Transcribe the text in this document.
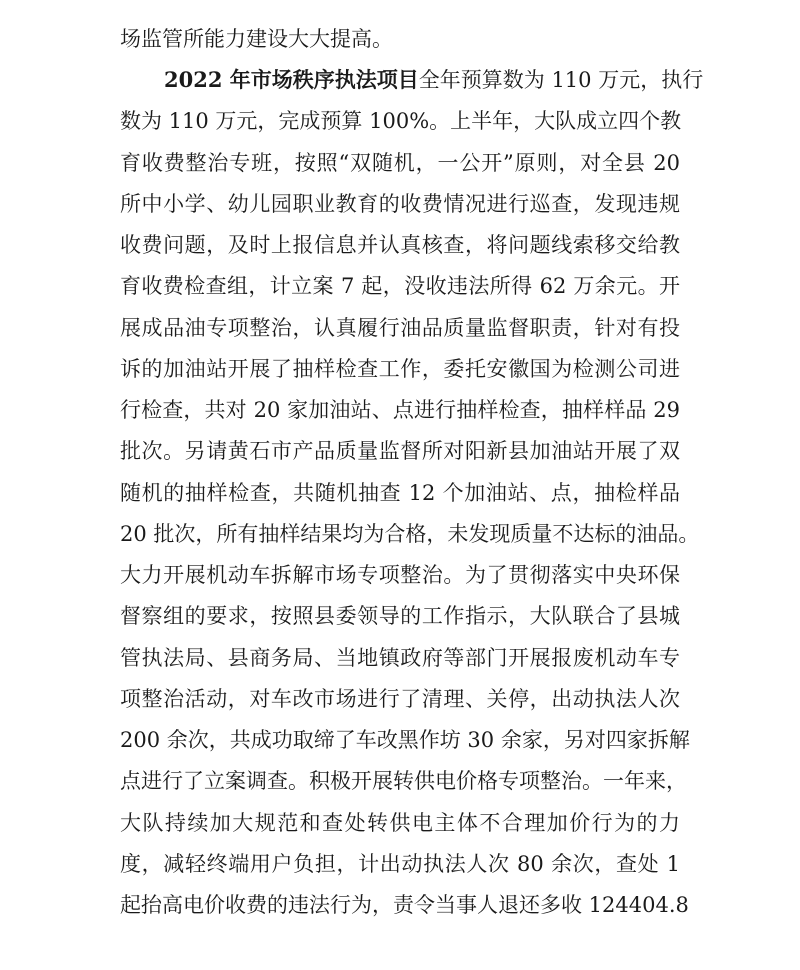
场监管所能力建设大大提高。
2022 年市场秩序执法项目全年预算数为 110 万元，执行
数为 110 万元，完成预算 100%。上半年，大队成立四个教
育收费整治专班，按照“双随机，一公开”原则，对全县 20
所中小学、幼儿园职业教育的收费情况进行巡查，发现违规
收费问题，及时上报信息并认真核查，将问题线索移交给教
育收费检查组，计立案 7 起，没收违法所得 62 万余元。开
展成品油专项整治，认真履行油品质量监督职责，针对有投
诉的加油站开展了抽样检查工作，委托安徽国为检测公司进
行检查，共对 20 家加油站、点进行抽样检查，抽样样品 29
批次。另请黄石市产品质量监督所对阳新县加油站开展了双
随机的抽样检查，共随机抽查 12 个加油站、点，抽检样品
20 批次，所有抽样结果均为合格，未发现质量不达标的油品。
大力开展机动车拆解市场专项整治。为了贯彻落实中央环保
督察组的要求，按照县委领导的工作指示，大队联合了县城
管执法局、县商务局、当地镇政府等部门开展报废机动车专
项整治活动，对车改市场进行了清理、关停，出动执法人次
200 余次，共成功取缔了车改黑作坊 30 余家，另对四家拆解
点进行了立案调查。积极开展转供电价格专项整治。一年来，
大队持续加大规范和查处转供电主体不合理加价行为的力
度，减轻终端用户负担，计出动执法人次 80 余次，查处 1
起抬高电价收费的违法行为，责令当事人退还多收 124404.8
